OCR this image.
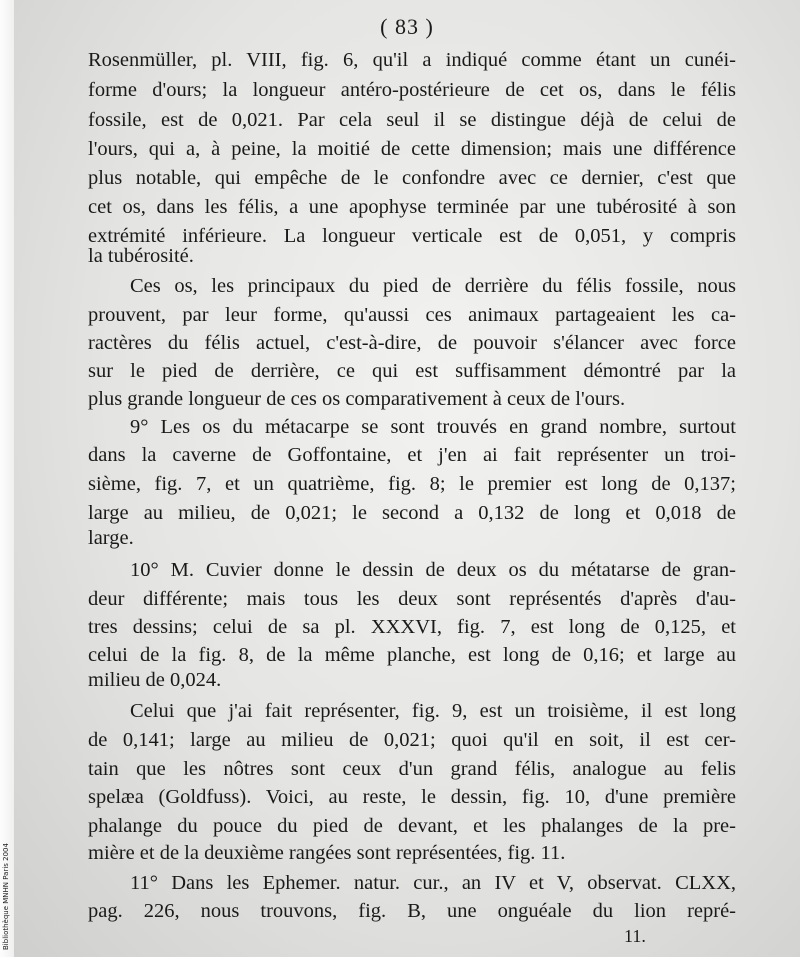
Bibliothèque MNHN Paris 2004
( 83 )
Rosenmüller, pl. VIII, fig. 6, qu'il a indiqué comme étant un cunéi-
forme d'ours; la longueur antéro-postérieure de cet os, dans le félis
fossile, est de 0,021. Par cela seul il se distingue déjà de celui de
l'ours, qui a, à peine, la moitié de cette dimension; mais une différence
plus notable, qui empêche de le confondre avec ce dernier, c'est que
cet os, dans les félis, a une apophyse terminée par une tubérosité à son
extrémité inférieure. La longueur verticale est de 0,051, y compris
la tubérosité.
Ces os, les principaux du pied de derrière du félis fossile, nous
prouvent, par leur forme, qu'aussi ces animaux partageaient les ca-
ractères du félis actuel, c'est-à-dire, de pouvoir s'élancer avec force
sur le pied de derrière, ce qui est suffisamment démontré par la
plus grande longueur de ces os comparativement à ceux de l'ours.
9° Les os du métacarpe se sont trouvés en grand nombre, surtout
dans la caverne de Goffontaine, et j'en ai fait représenter un troi-
sième, fig. 7, et un quatrième, fig. 8; le premier est long de 0,137;
large au milieu, de 0,021; le second a 0,132 de long et 0,018 de
large.
10° M. Cuvier donne le dessin de deux os du métatarse de gran-
deur différente; mais tous les deux sont représentés d'après d'au-
tres dessins; celui de sa pl. XXXVI, fig. 7, est long de 0,125, et
celui de la fig. 8, de la même planche, est long de 0,16; et large au
milieu de 0,024.
Celui que j'ai fait représenter, fig. 9, est un troisième, il est long
de 0,141; large au milieu de 0,021; quoi qu'il en soit, il est cer-
tain que les nôtres sont ceux d'un grand félis, analogue au felis
spelæa (Goldfuss). Voici, au reste, le dessin, fig. 10, d'une première
phalange du pouce du pied de devant, et les phalanges de la pre-
mière et de la deuxième rangées sont représentées, fig. 11.
11° Dans les Ephemer. natur. cur., an IV et V, observat. CLXX,
pag. 226, nous trouvons, fig. B, une onguéale du lion repré-
11.
